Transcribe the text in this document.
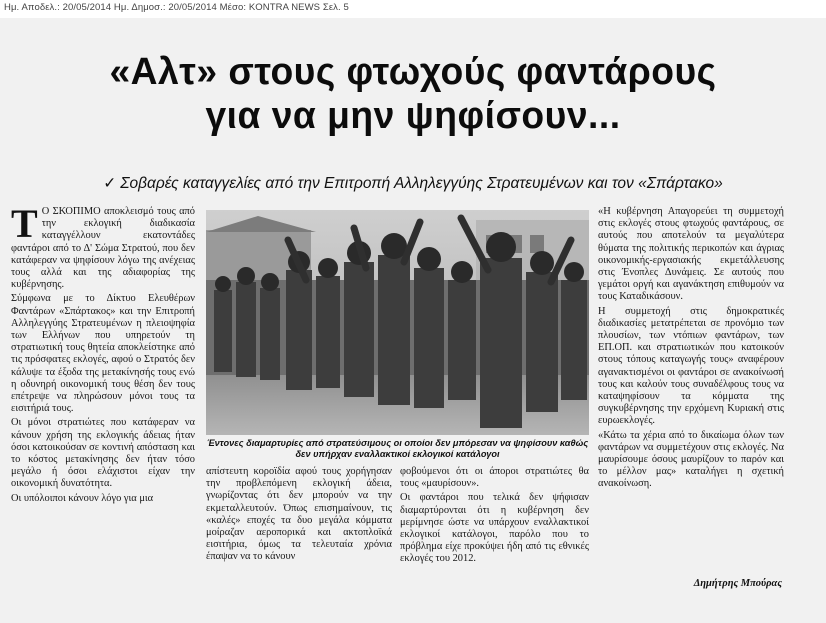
Ημ. Αποδελ.: 20/05/2014 Ημ. Δημοσ.: 20/05/2014 Μέσο: KONTRA NEWS Σελ. 5
«Αλτ» στους φτωχούς φαντάρους
για να μην ψηφίσουν...
✓ Σοβαρές καταγγελίες από την Επιτροπή Αλληλεγγύης Στρατευμένων και τον «Σπάρτακο»

Τ Ο ΣΚΟΠΙΜΟ αποκλεισμό τους από την εκλογική διαδικασία καταγγέλλουν εκατοντάδες φαντάροι από το Δ' Σώμα Στρατού, που δεν κατάφεραν να ψηφίσουν λόγω της ανέχειας τους αλλά και της αδιαφορίας της κυβέρνησης.

Σύμφωνα με το Δίκτυο Ελευθέρων Φαντάρων «Σπάρτακος» και την Επιτροπή Αλληλεγγύης Στρατευμένων η πλειοψηφία των Ελλήνων που υπηρετούν τη στρατιωτική τους θητεία αποκλείστηκε από τις πρόσφατες εκλογές, αφού ο Στρατός δεν κάλυψε τα έξοδα της μετακίνησής τους ενώ η οδυνηρή οικονομική τους θέση δεν τους επέτρεψε να πληρώσουν μόνοι τους τα εισιτήριά τους.

Οι μόνοι στρατιώτες που κατάφεραν να κάνουν χρήση της εκλογικής άδειας ήταν όσοι κατοικούσαν σε κοντινή απόσταση και το κόστος μετακίνησης δεν ήταν τόσο μεγάλο ή όσοι ελάχιστοι είχαν την οικονομική δυνατότητα.

Οι υπόλοιποι κάνουν λόγο για μια

Έντονες διαμαρτυρίες από στρατεύσιμους οι οποίοι δεν μπόρεσαν να ψηφίσουν καθώς δεν υπήρχαν εναλλακτικοί εκλογικοί κατάλογοι

απίστευτη κοροϊδία αφού τους χορήγησαν την προβλεπόμενη εκλογική άδεια, γνωρίζοντας ότι δεν μπορούν να την εκμεταλλευτούν. Όπως επισημαίνουν, τις «καλές» εποχές τα δυο μεγάλα κόμματα μοίραζαν αεροπορικά και ακτοπλοϊκά εισιτήρια, όμως τα τελευταία χρόνια έπαψαν να το κάνουν

φοβούμενοι ότι οι άποροι στρατιώτες θα τους «μαυρίσουν».

Οι φαντάροι που τελικά δεν ψήφισαν διαμαρτύρονται ότι η κυβέρνηση δεν μερίμνησε ώστε να υπάρχουν εναλλακτικοί εκλογικοί κατάλογοι, παρόλο που το πρόβλημα είχε προκύψει ήδη από τις εθνικές εκλογές του 2012.

«Η κυβέρνηση Απαγορεύει τη συμμετοχή στις εκλογές στους φτωχούς φαντάρους, σε αυτούς που αποτελούν τα μεγαλύτερα θύματα της πολιτικής περικοπών και άγριας οικονομικής-εργασιακής εκμετάλλευσης στις Ένοπλες Δυνάμεις. Σε αυτούς που γεμάτοι οργή και αγανάκτηση επιθυμούν να τους Καταδικάσουν.

Η συμμετοχή στις δημοκρατικές διαδικασίες μετατρέπεται σε προνόμιο των πλουσίων, των ντόπιων φαντάρων, των ΕΠ.ΟΠ. και στρατιωτικών που κατοικούν στους τόπους καταγωγής τους» αναφέρουν αγανακτισμένοι οι φαντάροι σε ανακοίνωσή τους και καλούν τους συναδέλφους τους να καταψηφίσουν τα κόμματα της συγκυβέρνησης την ερχόμενη Κυριακή στις ευρωεκλογές.

«Κάτω τα χέρια από το δικαίωμα όλων των φαντάρων να συμμετέχουν στις εκλογές. Να μαυρίσουμε όσους μαυρίζουν το παρόν και το μέλλον μας» καταλήγει η σχετική ανακοίνωση.

Δημήτρης Μπούρας
